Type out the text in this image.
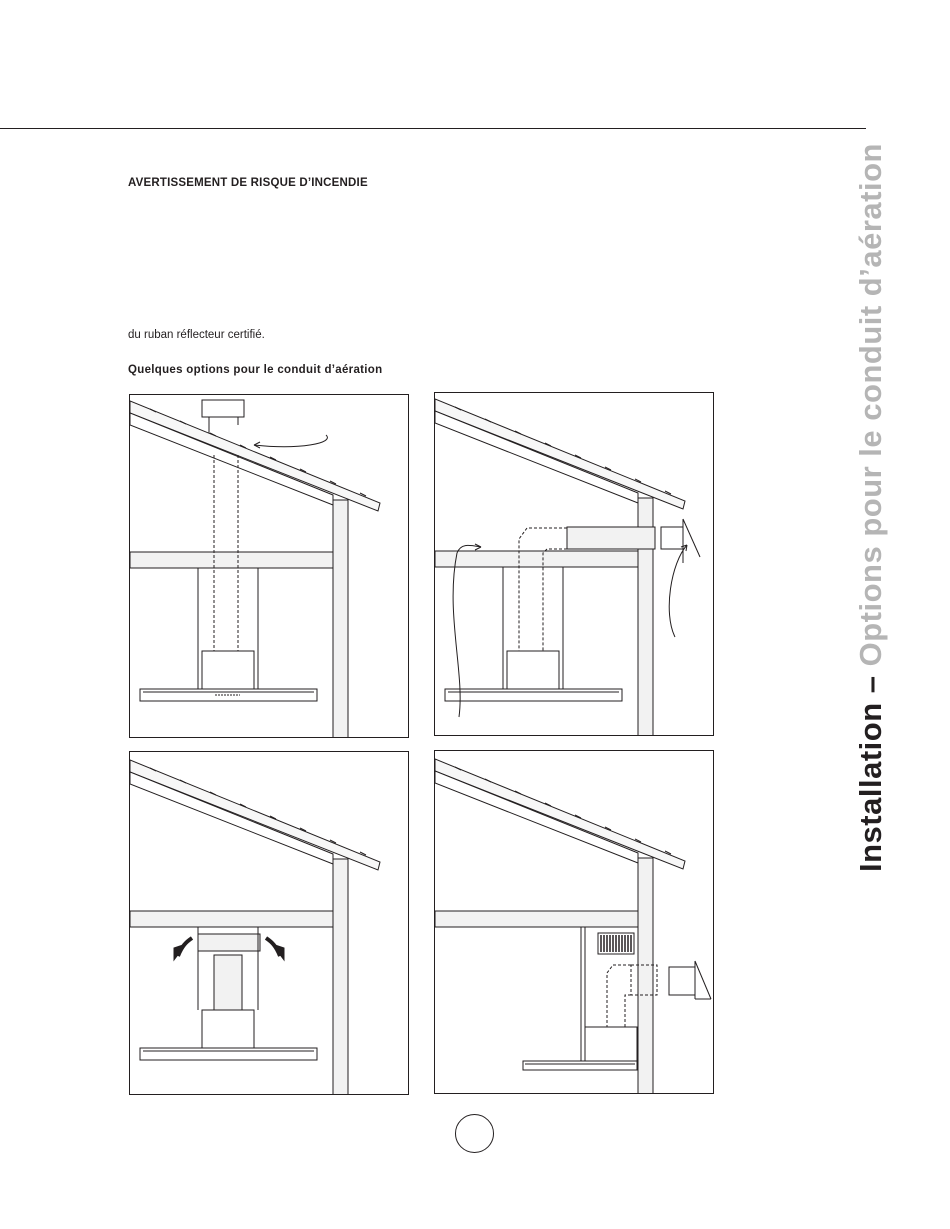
AVERTISSEMENT DE RISQUE D’INCENDIE
du ruban réflecteur certifié.
Quelques options pour le conduit d’aération
Installation – Options pour le conduit d’aération
